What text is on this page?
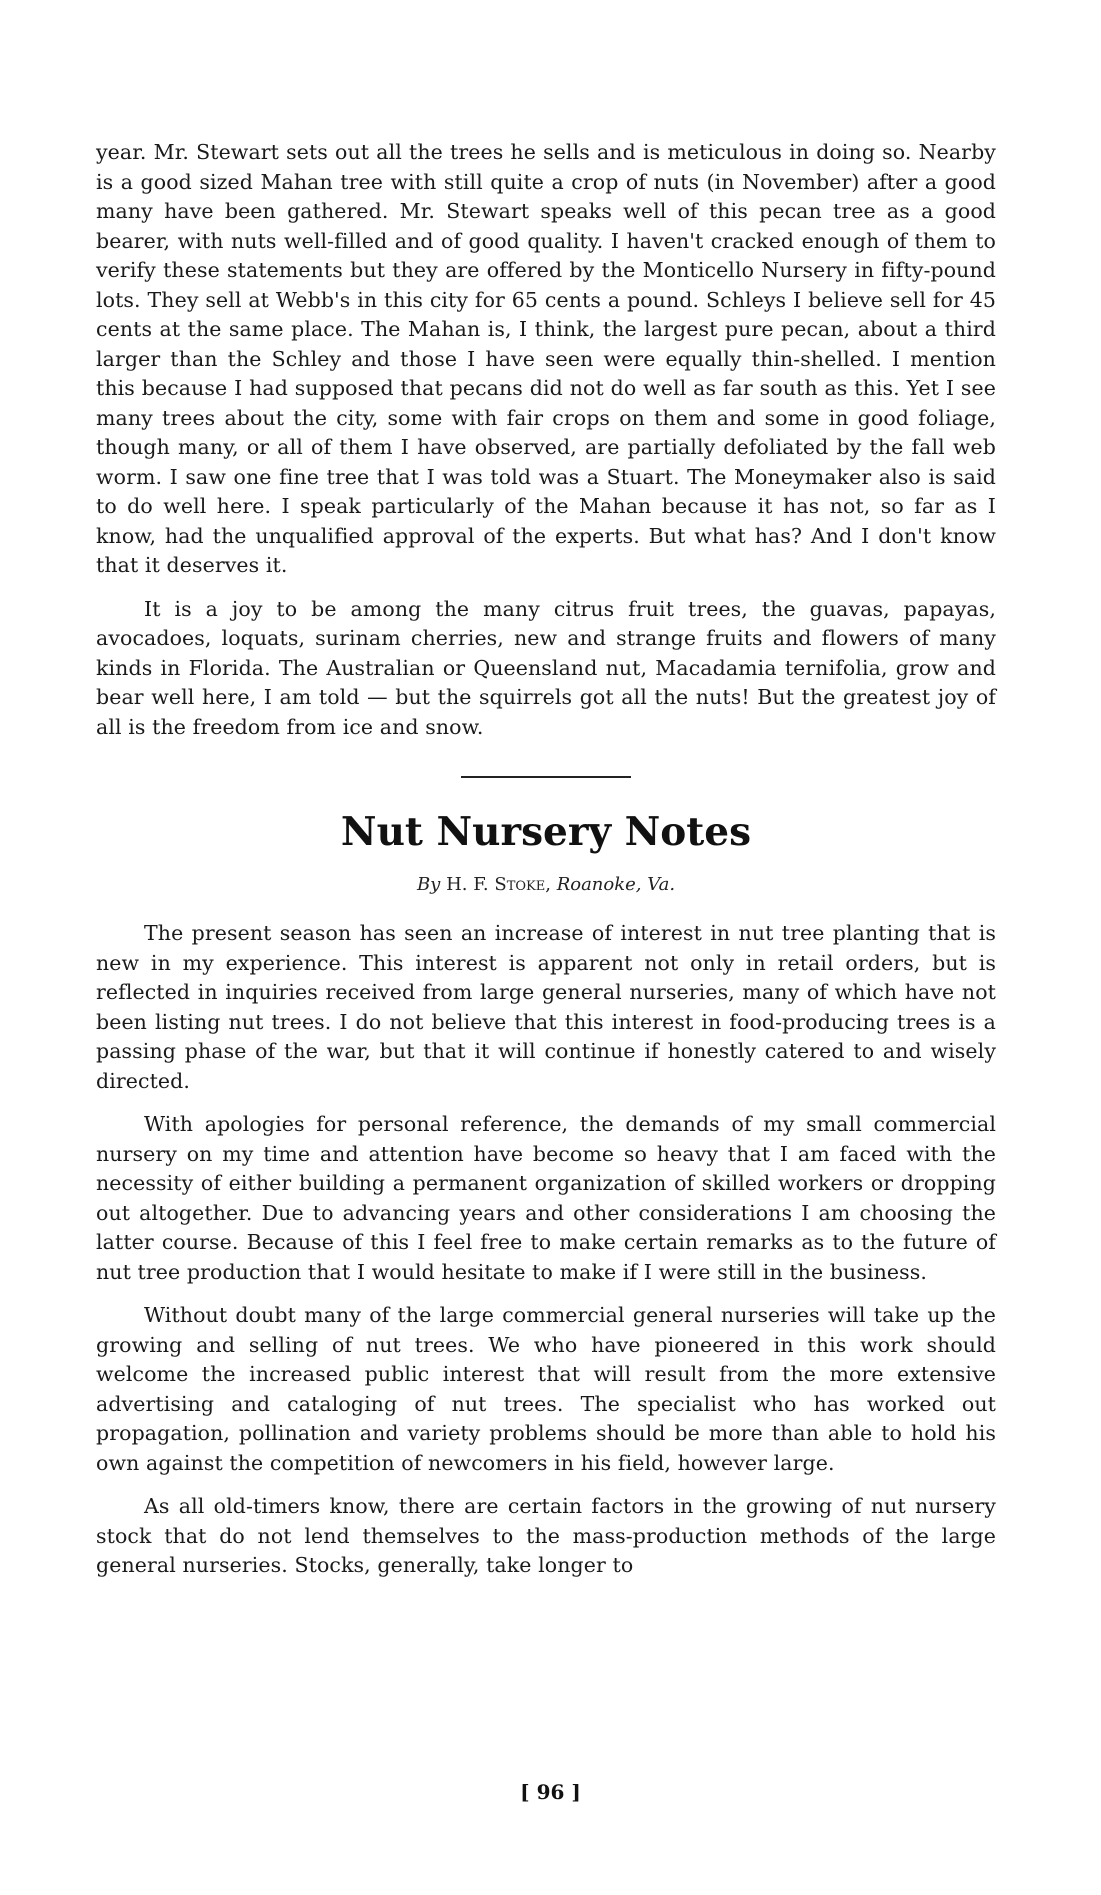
year. Mr. Stewart sets out all the trees he sells and is meticulous in doing so. Nearby is a good sized Mahan tree with still quite a crop of nuts (in November) after a good many have been gathered. Mr. Stewart speaks well of this pecan tree as a good bearer, with nuts well-filled and of good quality. I haven't cracked enough of them to verify these statements but they are offered by the Monticello Nursery in fifty-pound lots. They sell at Webb's in this city for 65 cents a pound. Schleys I believe sell for 45 cents at the same place. The Mahan is, I think, the largest pure pecan, about a third larger than the Schley and those I have seen were equally thin-shelled. I mention this because I had supposed that pecans did not do well as far south as this. Yet I see many trees about the city, some with fair crops on them and some in good foliage, though many, or all of them I have observed, are partially defoliated by the fall web worm. I saw one fine tree that I was told was a Stuart. The Moneymaker also is said to do well here. I speak particularly of the Mahan because it has not, so far as I know, had the unqualified approval of the experts. But what has? And I don't know that it deserves it.

It is a joy to be among the many citrus fruit trees, the guavas, papayas, avocadoes, loquats, surinam cherries, new and strange fruits and flowers of many kinds in Florida. The Australian or Queensland nut, Macadamia ternifolia, grow and bear well here, I am told — but the squirrels got all the nuts! But the greatest joy of all is the freedom from ice and snow.

Nut Nursery Notes
By H. F. Stoke, Roanoke, Va.

The present season has seen an increase of interest in nut tree planting that is new in my experience. This interest is apparent not only in retail orders, but is reflected in inquiries received from large general nurseries, many of which have not been listing nut trees. I do not believe that this interest in food-producing trees is a passing phase of the war, but that it will continue if honestly catered to and wisely directed.

With apologies for personal reference, the demands of my small commercial nursery on my time and attention have become so heavy that I am faced with the necessity of either building a permanent organization of skilled workers or dropping out altogether. Due to advancing years and other considerations I am choosing the latter course. Because of this I feel free to make certain remarks as to the future of nut tree production that I would hesitate to make if I were still in the business.

Without doubt many of the large commercial general nurseries will take up the growing and selling of nut trees. We who have pioneered in this work should welcome the increased public interest that will result from the more extensive advertising and cataloging of nut trees. The specialist who has worked out propagation, pollination and variety problems should be more than able to hold his own against the competition of newcomers in his field, however large.

As all old-timers know, there are certain factors in the growing of nut nursery stock that do not lend themselves to the mass-production methods of the large general nurseries. Stocks, generally, take longer to

[ 96 ]
